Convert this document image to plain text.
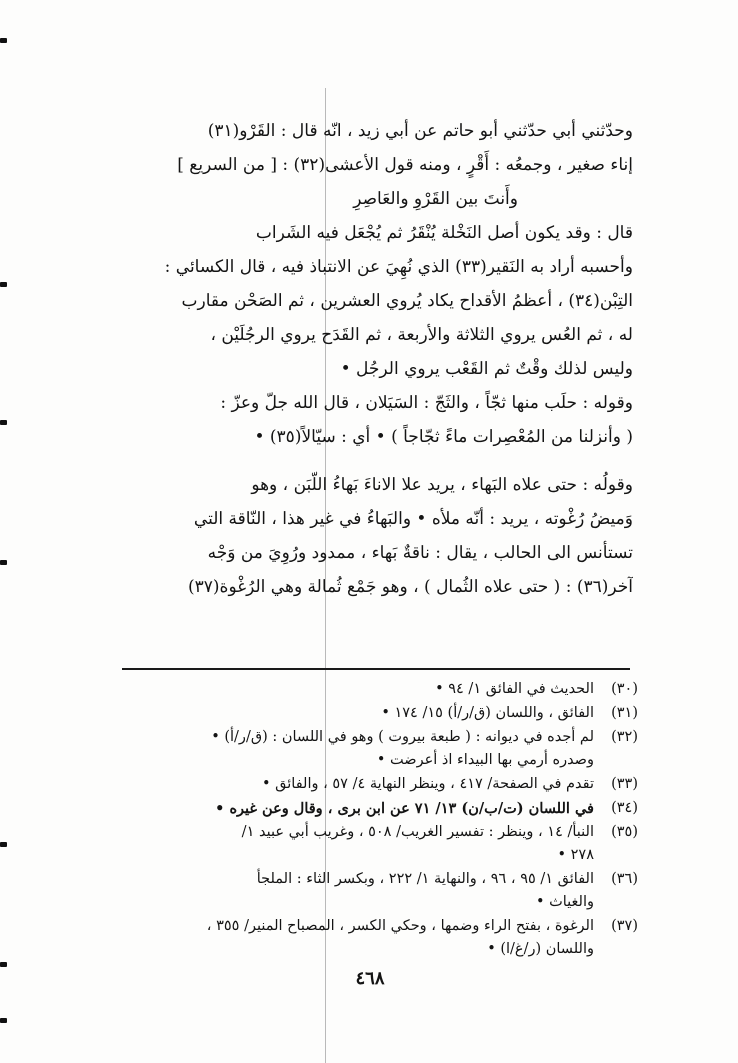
وحدّثني أبي حدّثني أبو حاتم عن أبي زيد ، انّه قال : القَرْو(٣١)
إناء صغير ، وجمعُه : أَقْرٍ ، ومنه قول الأعشى(٣٢) : [ من السريع ]
وأَنتَ بين القَرْوِ والعَاصِرِ
قال : وقد يكون أصل النَخْلة يُنْقَرُ ثم يُجْعَل فيه الشَراب
وأحسبه أراد به النَقير(٣٣) الذي نُهِيَ عن الانتباذ فيه ، قال الكسائي :
التِبْن(٣٤) ، أعظمُ الأقداح يكاد يُروي العشرين ، ثم الصَحْن مقارب
له ، ثم العُس يروي الثلاثة والأربعة ، ثم القَدَح يروي الرجُلَيْن ،
وليس لذلك وقْتٌ ثم القَعْب يروي الرجُل •
وقوله : حلَب منها ثجّاً ، والثَجّ : السَيَلان ، قال الله جلّ وعزّ :
( وأنزلنا من المُعْصِرات ماءً ثجّاجاً ) • أي : سيّالاً(٣٥) •
وقولُه : حتى علاه البَهاء ، يريد علا الاناءَ بَهاءُ اللّبَن ، وهو
وَميضُ رُغْوته ، يريد : أنّه ملأه • والبَهاءُ في غير هذا ، النّاقة التي
تستأنس الى الحالب ، يقال : ناقةٌ بَهاء ، ممدود ورُوِيَ من وَجْه
آخر(٣٦) : ( حتى علاه الثُمال ) ، وهو جَمْع ثُمالة وهي الرُغْوة(٣٧)
(٣٠)
الحديث في الفائق ١/ ٩٤ •
(٣١)
الفائق ، واللسان (ق/ر/أ) ١٥/ ١٧٤ •
(٣٢)
لم أجده في ديوانه : ( طبعة بيروت ) وهو في اللسان : (ق/ر/أ) •
وصدره أرمي بها البيداء اذ أعرضت •
(٣٣)
تقدم في الصفحة/ ٤١٧ ، وينظر النهاية ٤/ ٥٧ ، والفائق •
(٣٤)
في اللسان (ت/ب/ن) ١٣/ ٧١ عن ابن برى ، وقال وعن غيره •
(٣٥)
النبأ/ ١٤ ، وينظر : تفسير الغريب/ ٥٠٨ ، وغريب أبي عبيد ١/
٢٧٨ •
(٣٦)
الفائق ١/ ٩٥ ، ٩٦ ، والنهاية ١/ ٢٢٢ ، وبكسر الثاء : الملجأ
والغياث •
(٣٧)
الرغوة ، بفتح الراء وضمها ، وحكي الكسر ، المصباح المنير/ ٣٥٥ ،
واللسان (ر/غ/ا) •
٤٦٨
